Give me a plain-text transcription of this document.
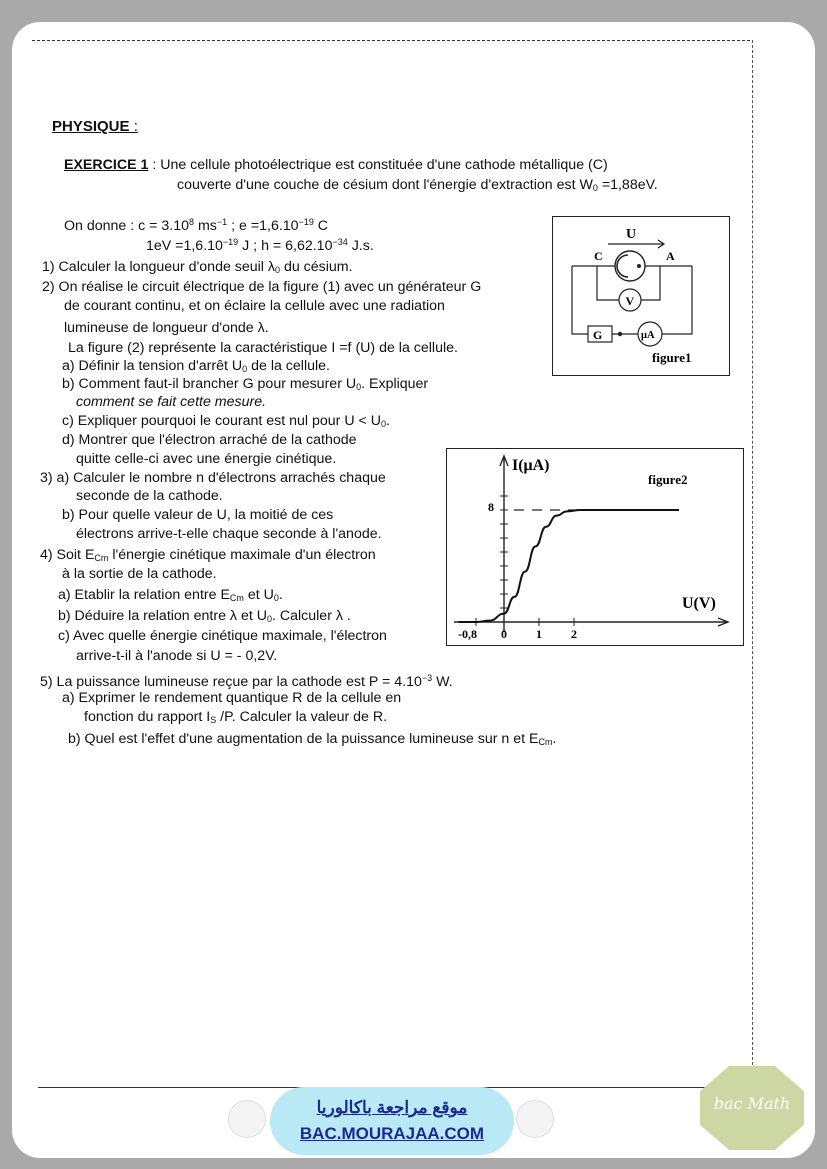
PHYSIQUE :
EXERCICE 1 : Une cellule photoélectrique est constituée d'une cathode métallique (C)
couverte d'une couche de césium dont l'énergie d'extraction est $W_0 =1,88eV$.
On donne : $c = 3.10^8$ $ms^{-1}$ ; $e =1,6.10^{-19}$ C
$1eV =1,6.10^{-19}$ J ; $h = 6,62.10^{-34}$ J.s.
1) Calculer la longueur d'onde seuil $\lambda_0$ du césium.
2) On réalise le circuit électrique de la figure (1) avec un générateur G
de courant continu, et on éclaire la cellule avec une radiation
lumineuse de longueur d'onde λ.
La figure (2) représente la caractéristique I =f (U) de la cellule.
a) Définir la tension d'arrêt $U_0$ de la cellule.
b) Comment faut-il brancher G pour mesurer $U_0$. Expliquer
comment se fait cette mesure.
c) Expliquer pourquoi le courant est nul pour $U < U_0$.
d) Montrer que l'électron arraché de la cathode
quitte celle-ci avec une énergie cinétique.
3) a) Calculer le nombre n d'électrons arrachés chaque
seconde de la cathode.
b) Pour quelle valeur de U, la moitié de ces
électrons arrive-t-elle chaque seconde à l'anode.
4) Soit $E_{Cm}$ l'énergie cinétique maximale d'un électron
à la sortie de la cathode.
a) Etablir la relation entre $E_{Cm}$ et $U_0$.
b) Déduire la relation entre λ et $U_0$. Calculer λ .
c) Avec quelle énergie cinétique maximale, l'électron
arrive-t-il à l'anode si U = - 0,2V.
5) La puissance lumineuse reçue par la cathode est $P = 4.10^{-3}$ W.
a) Exprimer le rendement quantique R de la cellule en
fonction du rapport $I_S$ /P. Calculer la valeur de R.
b) Quel est l'effet d'une augmentation de la puissance lumineuse sur n et $E_{Cm}$.
U
C	A
V
G	μA
figure1
I(μA)
figure2
U(V)
8
-0,8 0 1 2
موقع مراجعة باكالوريا
BAC.MOURAJAA.COM
bac Math
